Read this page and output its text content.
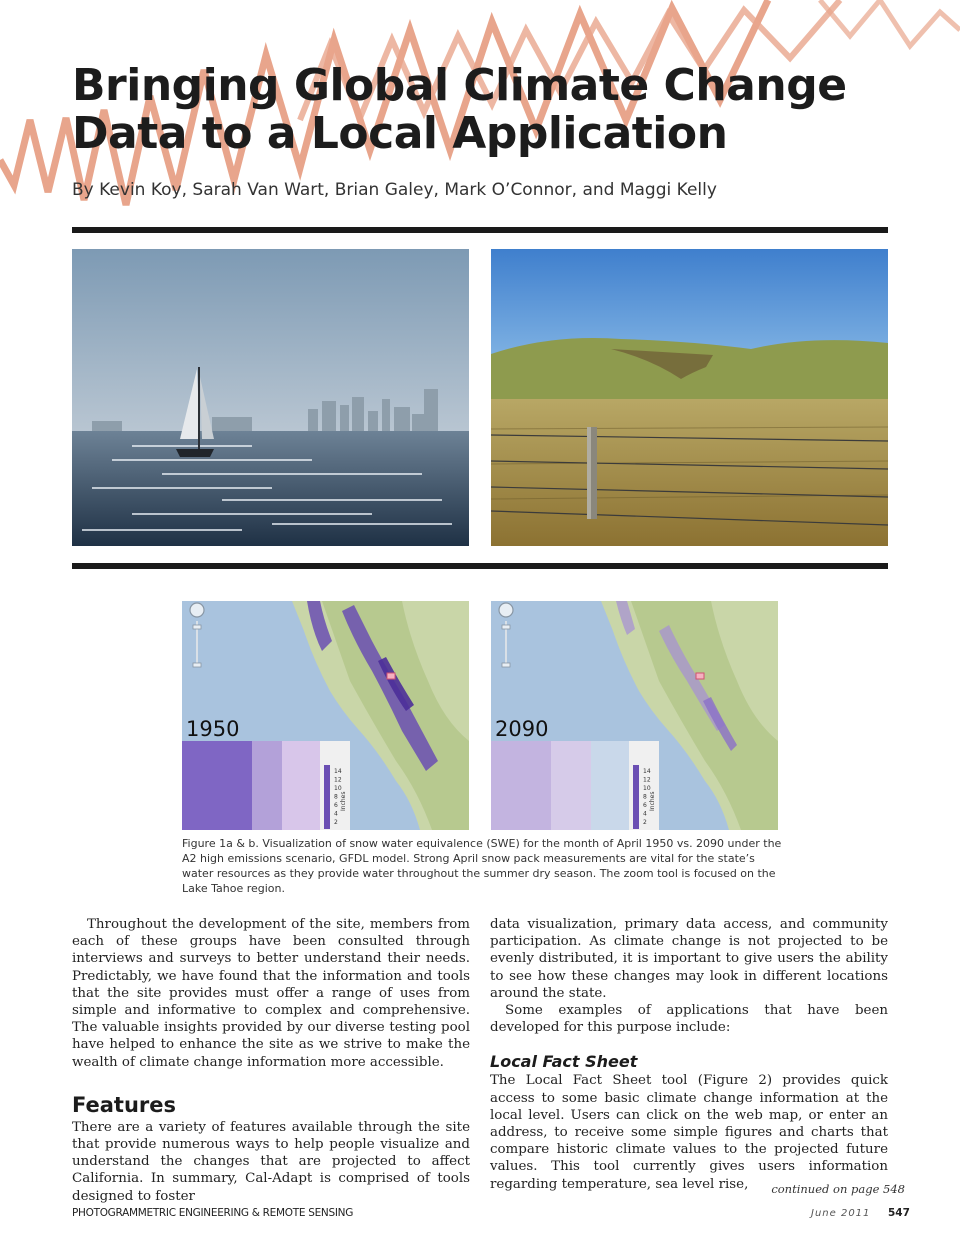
Bringing Global Climate Change Data to a Local Application
By Kevin Koy, Sarah Van Wart, Brian Galey, Mark O’Connor, and Maggi Kelly
14
12
10
8
6
4
2
Inches
1950
14
12
10
8
6
4
2
Inches
2090

Figure 1a & b. Visualization of snow water equivalence (SWE) for the month of April 1950 vs. 2090 under the A2 high emissions scenario, GFDL model. Strong April snow pack measurements are vital for the state’s water resources as they provide water throughout the summer dry season. The zoom tool is focused on the Lake Tahoe region.

Throughout the development of the site, members from each of these groups have been consulted through interviews and surveys to better understand their needs. Predictably, we have found that the information and tools that the site provides must offer a range of uses from simple and informative to complex and comprehensive. The valuable insights provided by our diverse testing pool have helped to enhance the site as we strive to make the wealth of climate change information more accessible.

Features

There are a variety of features available through the site that provide numerous ways to help people visualize and understand the changes that are projected to affect California. In summary, Cal-Adapt is comprised of tools designed to foster

data visualization, primary data access, and community participation. As climate change is not projected to be evenly distributed, it is important to give users the ability to see how these changes may look in different locations around the state.

Some examples of applications that have been developed for this purpose include:

Local Fact Sheet

The Local Fact Sheet tool (Figure 2) provides quick access to some basic climate change information at the local level. Users can click on the web map, or enter an address, to receive some simple figures and charts that compare historic climate values to the projected future values. This tool currently gives users information regarding temperature, sea level rise,	continued on page 548
PHOTOGRAMMETRIC ENGINEERING & REMOTE SENSING	June 2011 547
